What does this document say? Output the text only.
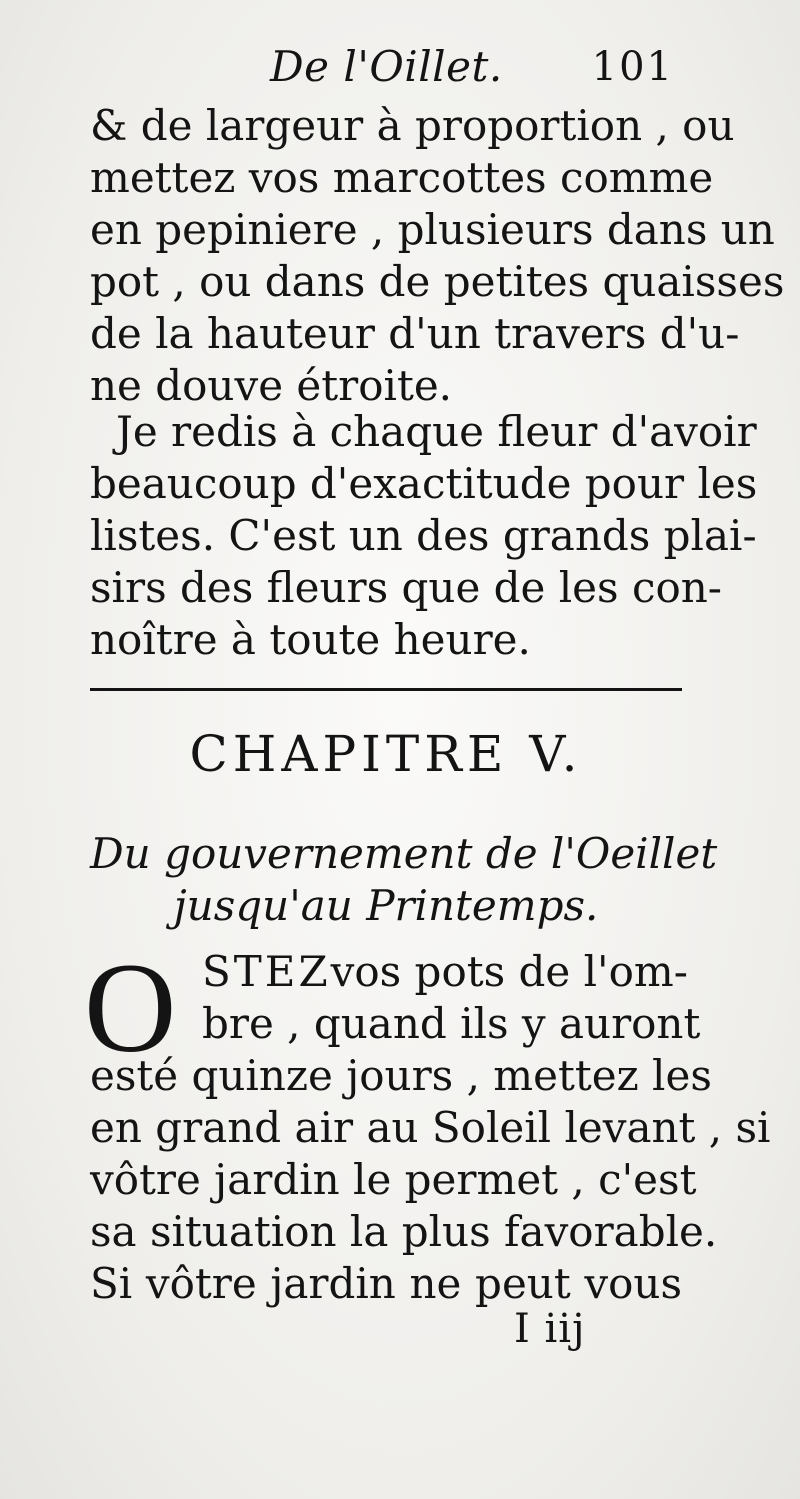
De l'Oillet. 101
& de largeur à proportion , ou
mettez vos marcottes comme
en pepiniere , plusieurs dans un
pot , ou dans de petites quaisses
de la hauteur d'un travers d'u-
ne douve étroite.
Je redis à chaque fleur d'avoir
beaucoup d'exactitude pour les
listes. C'est un des grands plai-
sirs des fleurs que de les con-
noître à toute heure.
CHAPITRE V.
Du gouvernement de l'Oeillet
jusqu'au Printemps.
O STEZ vos pots de l'om-
bre , quand ils y auront
esté quinze jours , mettez les
en grand air au Soleil levant , si
vôtre jardin le permet , c'est
sa situation la plus favorable.
Si vôtre jardin ne peut vous
I iij
